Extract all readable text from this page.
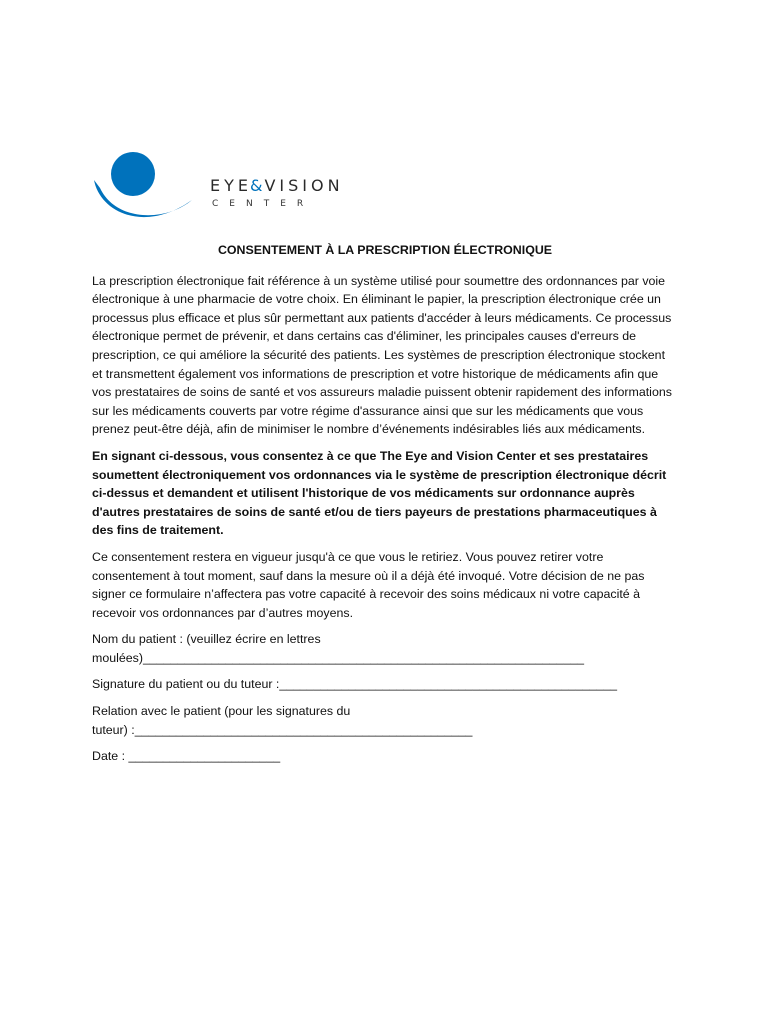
EYE& VISION
CENTER
CONSENTEMENT À LA PRESCRIPTION ÉLECTRONIQUE

La prescription électronique fait référence à un système utilisé pour soumettre des ordonnances par voie électronique à une pharmacie de votre choix. En éliminant le papier, la prescription électronique crée un processus plus efficace et plus sûr permettant aux patients d'accéder à leurs médicaments. Ce processus électronique permet de prévenir, et dans certains cas d'éliminer, les principales causes d'erreurs de prescription, ce qui améliore la sécurité des patients. Les systèmes de prescription électronique stockent et transmettent également vos informations de prescription et votre historique de médicaments afin que vos prestataires de soins de santé et vos assureurs maladie puissent obtenir rapidement des informations sur les médicaments couverts par votre régime d'assurance ainsi que sur les médicaments que vous prenez peut-être déjà, afin de minimiser le nombre d’événements indésirables liés aux médicaments.

En signant ci-dessous, vous consentez à ce que The Eye and Vision Center et ses prestataires soumettent électroniquement vos ordonnances via le système de prescription électronique décrit ci-dessus et demandent et utilisent l'historique de vos médicaments sur ordonnance auprès d'autres prestataires de soins de santé et/ou de tiers payeurs de prestations pharmaceutiques à des fins de traitement.

Ce consentement restera en vigueur jusqu'à ce que vous le retiriez. Vous pouvez retirer votre consentement à tout moment, sauf dans la mesure où il a déjà été invoqué. Votre décision de ne pas signer ce formulaire n’affectera pas votre capacité à recevoir des soins médicaux ni votre capacité à recevoir vos ordonnances par d’autres moyens.

Nom du patient : (veuillez écrire en lettres
moulées)________________________________________________________________
Signature du patient ou du tuteur :_________________________________________________
Relation avec le patient (pour les signatures du
tuteur) :_________________________________________________
Date : ______________________
